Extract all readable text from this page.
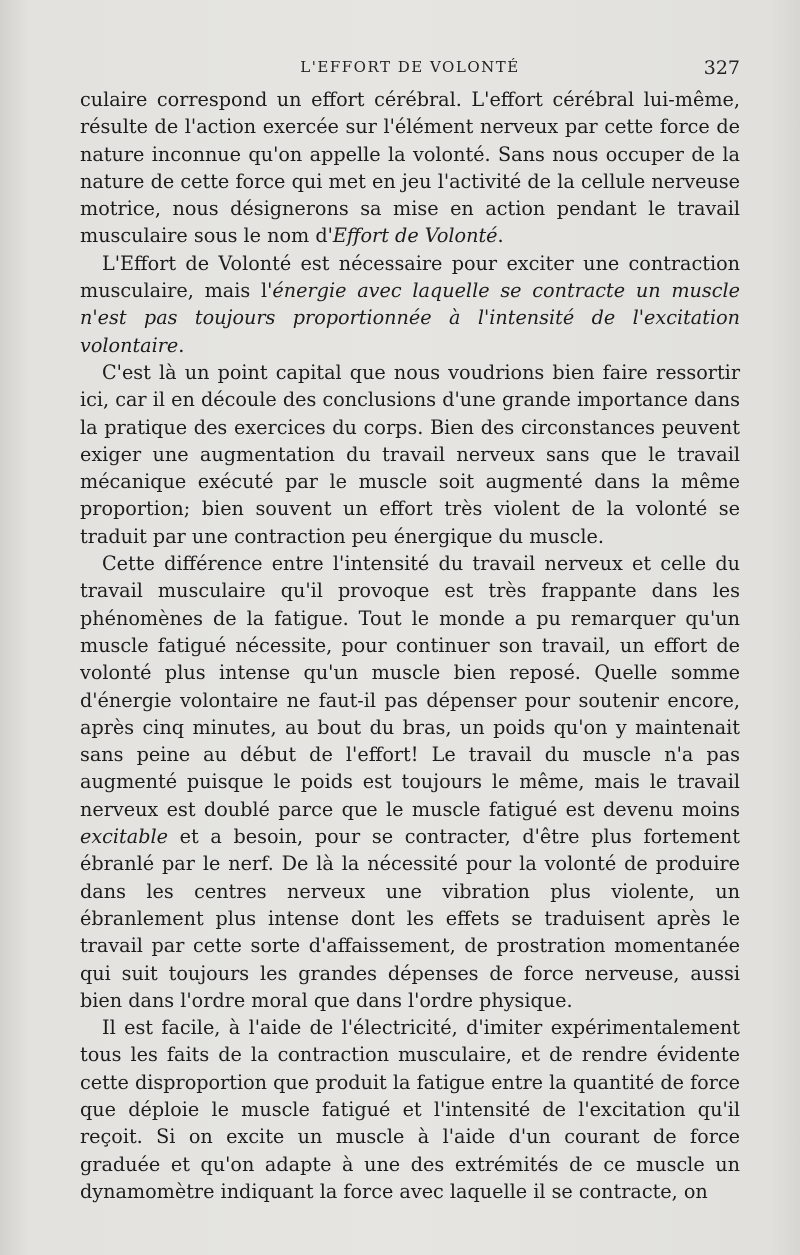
L'EFFORT DE VOLONTÉ	327

culaire correspond un effort cérébral. L'effort cérébral lui-même, résulte de l'action exercée sur l'élément nerveux par cette force de nature inconnue qu'on appelle la volonté. Sans nous occuper de la nature de cette force qui met en jeu l'activité de la cellule nerveuse motrice, nous désignerons sa mise en action pendant le travail musculaire sous le nom d'Effort de Volonté.

L'Effort de Volonté est nécessaire pour exciter une contraction musculaire, mais l'énergie avec laquelle se contracte un muscle n'est pas toujours proportionnée à l'intensité de l'excitation volontaire.

C'est là un point capital que nous voudrions bien faire ressortir ici, car il en découle des conclusions d'une grande importance dans la pratique des exercices du corps. Bien des circonstances peuvent exiger une augmentation du travail nerveux sans que le travail mécanique exécuté par le muscle soit augmenté dans la même proportion; bien souvent un effort très violent de la volonté se traduit par une contraction peu énergique du muscle.

Cette différence entre l'intensité du travail nerveux et celle du travail musculaire qu'il provoque est très frappante dans les phénomènes de la fatigue. Tout le monde a pu remarquer qu'un muscle fatigué nécessite, pour continuer son travail, un effort de volonté plus intense qu'un muscle bien reposé. Quelle somme d'énergie volontaire ne faut-il pas dépenser pour soutenir encore, après cinq minutes, au bout du bras, un poids qu'on y maintenait sans peine au début de l'effort! Le travail du muscle n'a pas augmenté puisque le poids est toujours le même, mais le travail nerveux est doublé parce que le muscle fatigué est devenu moins excitable et a besoin, pour se contracter, d'être plus fortement ébranlé par le nerf. De là la nécessité pour la volonté de produire dans les centres nerveux une vibration plus violente, un ébranlement plus intense dont les effets se traduisent après le travail par cette sorte d'affaissement, de prostration momentanée qui suit toujours les grandes dépenses de force nerveuse, aussi bien dans l'ordre moral que dans l'ordre physique.

Il est facile, à l'aide de l'électricité, d'imiter expérimentalement tous les faits de la contraction musculaire, et de rendre évidente cette disproportion que produit la fatigue entre la quantité de force que déploie le muscle fatigué et l'intensité de l'excitation qu'il reçoit. Si on excite un muscle à l'aide d'un courant de force graduée et qu'on adapte à une des extrémités de ce muscle un dynamomètre indiquant la force avec laquelle il se contracte, on
